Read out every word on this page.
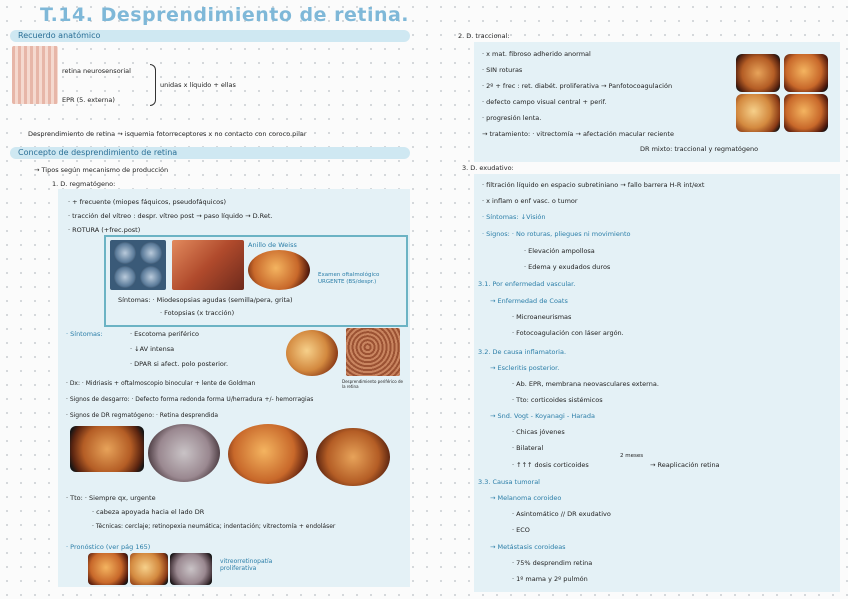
T.14. Desprendimiento de retina.
Recuerdo anatómico
retina neurosensorial
EPR (5. externa)
unidas x líquido + ellas
Desprendimiento de retina → isquemia fotorreceptores x no contacto con coroco.pilar
Concepto de desprendimiento de retina
→ Tipos según mecanismo de producción
1. D. regmatógeno:
· + frecuente (miopes fáquicos, pseudofáquicos)
· tracción del vítreo : despr. vítreo post → paso líquido → D.Ret.
· ROTURA (+frec.post)
Anillo de Weiss
Examen oftalmológico URGENTE (BS/despr.)
Síntomas: · Miodesopsias agudas (semilla/pera, grita)
· Fotopsias (x tracción)
· Síntomas:	· Escotoma periférico
· ↓AV intensa
· DPAR si afect. polo posterior.
· Dx: · Midriasis + oftalmoscopio binocular + lente de Goldman	Desprendimiento periférico de la retina
· Signos de desgarro: · Defecto forma redonda forma U/herradura +/- hemorragias
· Signos de DR regmatógeno: · Retina desprendida
· Tto: · Siempre qx, urgente
· cabeza apoyada hacia el lado DR
· Técnicas: cerclaje; retinopexia neumática; indentación; vitrectomía + endoláser
· Pronóstico (ver pág 165)
vitreorretinopatía proliferativa
2. D. traccional:
· x mat. fibroso adherido anormal
· SIN roturas
· 2º + frec : ret. diabét. proliferativa → Panfotocoagulación
· defecto campo visual central + perif.
· progresión lenta.
→ tratamiento: · vitrectomía → afectación macular reciente
DR mixto: traccional y regmatógeno
3. D. exudativo:
· filtración líquido en espacio subretiniano → fallo barrera H-R int/ext
· x inflam o enf vasc. o tumor
· Síntomas: ↓Visión
· Signos: · No roturas, pliegues ni movimiento
· Elevación ampollosa
· Edema y exudados duros
3.1. Por enfermedad vascular.
→ Enfermedad de Coats
· Microaneurismas
· Fotocoagulación con láser argón.
3.2. De causa inflamatoria.
→ Escleritis posterior.
· Ab. EPR, membrana neovasculares externa.
· Tto: corticoides sistémicos
→ Snd. Vogt - Koyanagi - Harada
· Chicas jóvenes
· Bilateral
· ↑↑↑ dosis corticoides
2 meses
→ Reaplicación retina
3.3. Causa tumoral
→ Melanoma coroideo
· Asintomático // DR exudativo
· ECO
→ Metástasis coroideas
· 75% desprendim retina
· 1º mama y 2º pulmón
